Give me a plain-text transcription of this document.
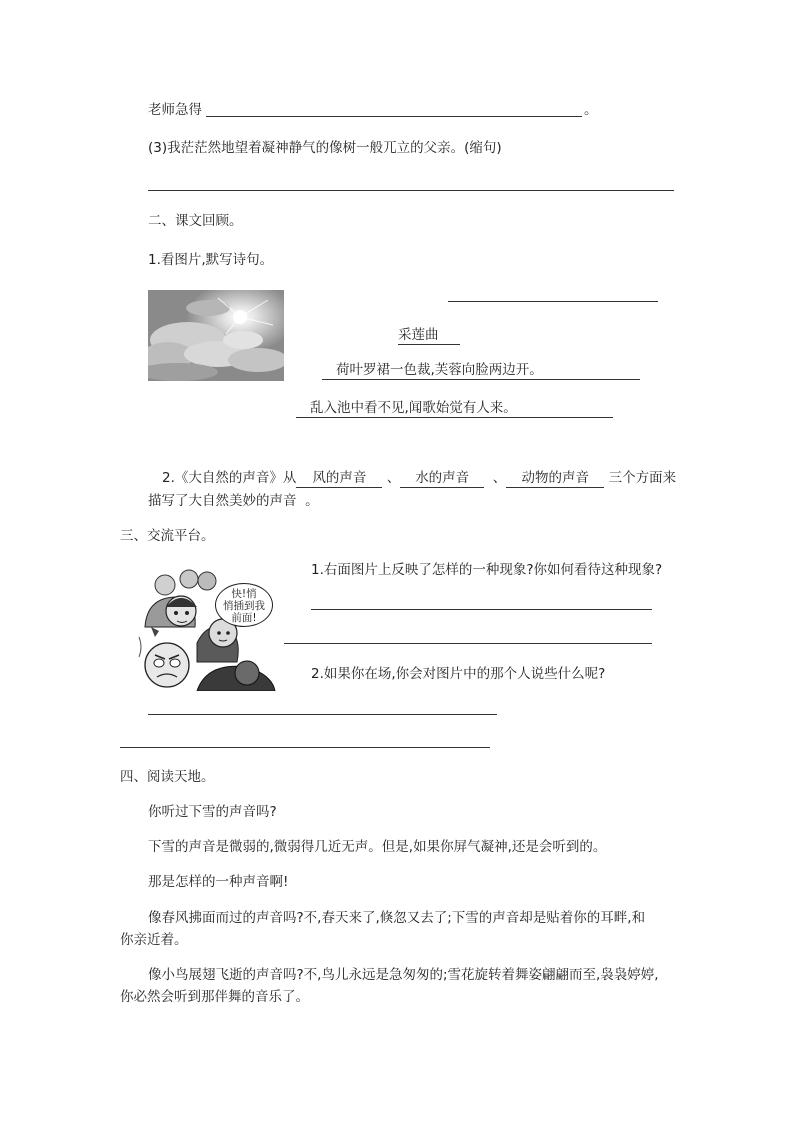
老师急得	。
(3)我茫茫然地望着凝神静气的像树一般兀立的父亲。(缩句)
二、课文回顾。
1.看图片,默写诗句。
采莲曲
荷叶罗裙一色裁,芙蓉向脸两边开。
乱入池中看不见,闻歌始觉有人来。
2.《大自然的声音》从 风的声音 、 水的声音 、 动物的声音 三个方面来
描写了大自然美妙的声音 。
三、交流平台。
快!悄
悄插到我
前面!
1.右面图片上反映了怎样的一种现象?你如何看待这种现象?
2.如果你在场,你会对图片中的那个人说些什么呢?
四、阅读天地。
你听过下雪的声音吗?
下雪的声音是微弱的,微弱得几近无声。但是,如果你屏气凝神,还是会听到的。
那是怎样的一种声音啊!
像春风拂面而过的声音吗?不,春天来了,倏忽又去了;下雪的声音却是贴着你的耳畔,和
你亲近着。
像小鸟展翅飞逝的声音吗?不,鸟儿永远是急匆匆的;雪花旋转着舞姿翩翩而至,袅袅婷婷,
你必然会听到那伴舞的音乐了。
